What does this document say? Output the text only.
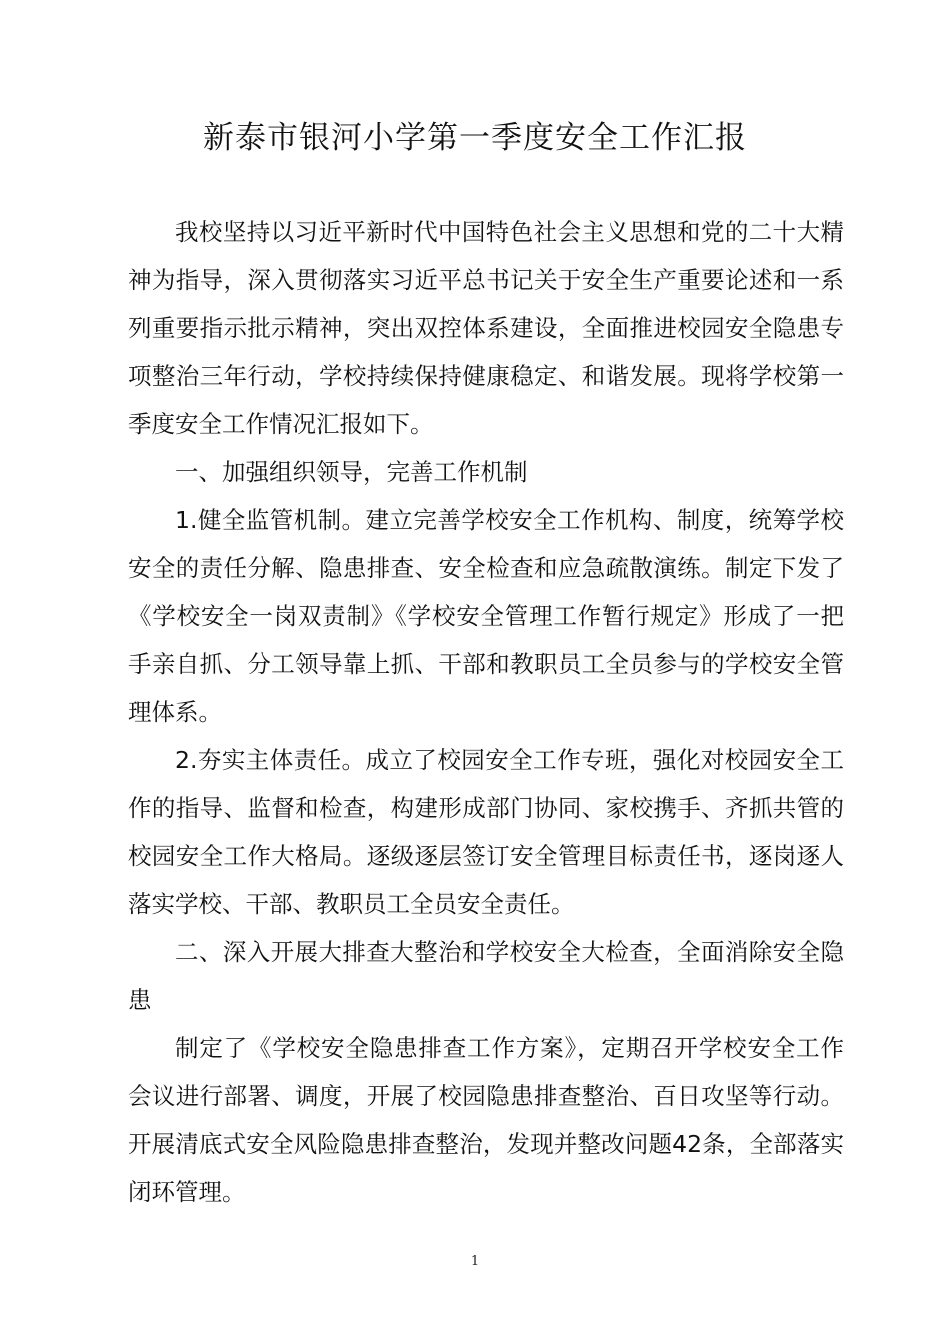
新泰市银河小学第一季度安全工作汇报

我校坚持以习近平新时代中国特色社会主义思想和党的二十大精神为指导，深入贯彻落实习近平总书记关于安全生产重要论述和一系列重要指示批示精神，突出双控体系建设，全面推进校园安全隐患专项整治三年行动，学校持续保持健康稳定、和谐发展。现将学校第一季度安全工作情况汇报如下。

一、加强组织领导，完善工作机制

1.健全监管机制。建立完善学校安全工作机构、制度，统筹学校安全的责任分解、隐患排查、安全检查和应急疏散演练。制定下发了《学校安全一岗双责制》《学校安全管理工作暂行规定》形成了一把手亲自抓、分工领导靠上抓、干部和教职员工全员参与的学校安全管理体系。

2.夯实主体责任。成立了校园安全工作专班，强化对校园安全工作的指导、监督和检查，构建形成部门协同、家校携手、齐抓共管的校园安全工作大格局。逐级逐层签订安全管理目标责任书，逐岗逐人落实学校、干部、教职员工全员安全责任。

二、深入开展大排查大整治和学校安全大检查，全面消除安全隐患

制定了《学校安全隐患排查工作方案》，定期召开学校安全工作会议进行部署、调度，开展了校园隐患排查整治、百日攻坚等行动。开展清底式安全风险隐患排查整治，发现并整改问题42条，全部落实闭环管理。

1
